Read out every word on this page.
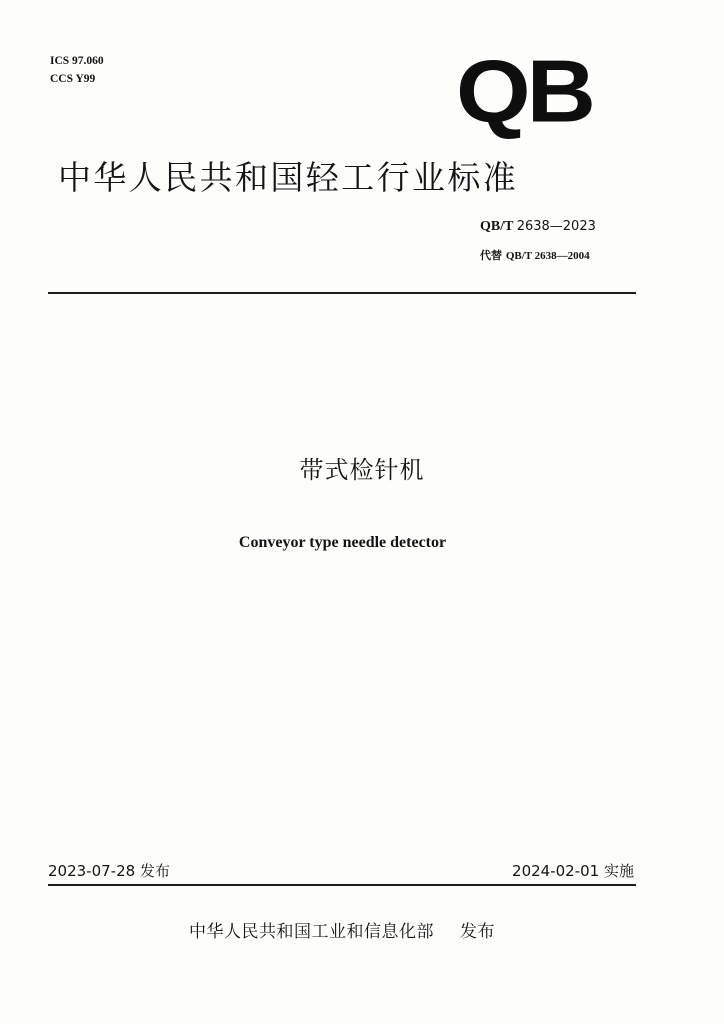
ICS 97.060
CCS Y99	QB
中华人民共和国轻工行业标准
QB/T 2638—2023
代替 QB/T 2638—2004
带式检针机
Conveyor type needle detector
2023-07-28 发布	2024-02-01 实施
中华人民共和国工业和信息化部 发布
